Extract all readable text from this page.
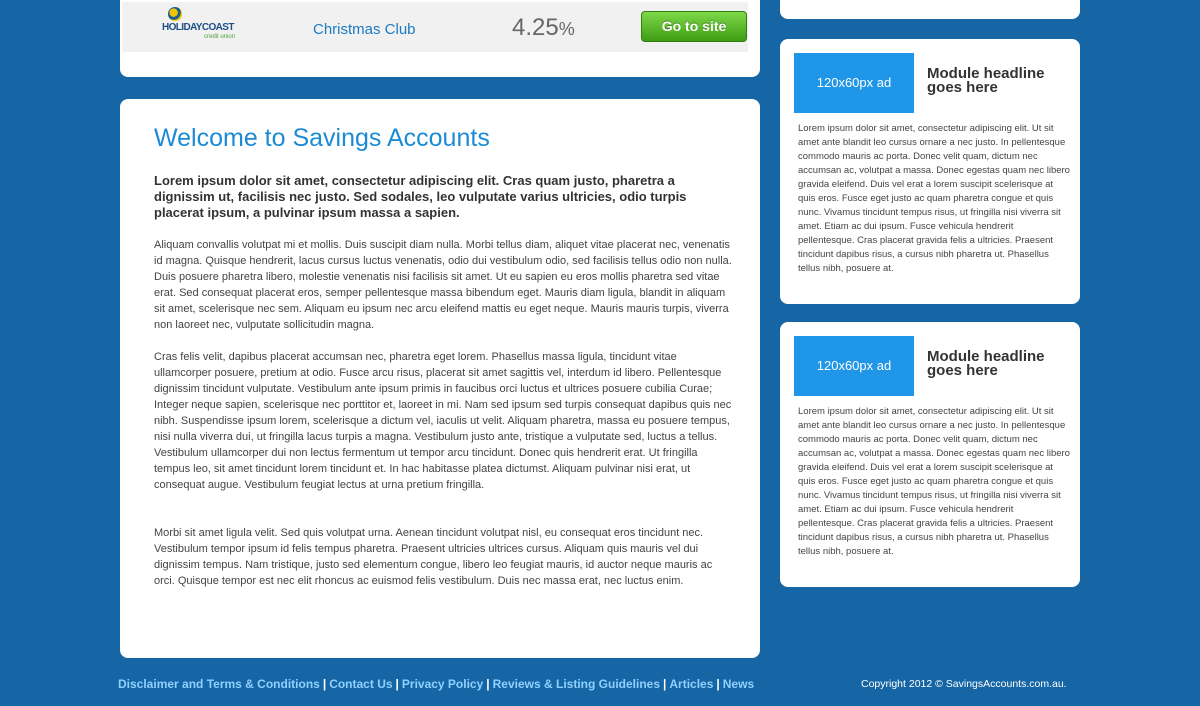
HOLIDAYCOAST
credit union	Christmas Club	4.25%	Go to site
Welcome to Savings Accounts

Lorem ipsum dolor sit amet, consectetur adipiscing elit. Cras quam justo, pharetra a dignissim ut, facilisis nec justo. Sed sodales, leo vulputate varius ultricies, odio turpis placerat ipsum, a pulvinar ipsum massa a sapien.

Aliquam convallis volutpat mi et mollis. Duis suscipit diam nulla. Morbi tellus diam, aliquet vitae placerat nec, venenatis id magna. Quisque hendrerit, lacus cursus luctus venenatis, odio dui vestibulum odio, sed facilisis tellus odio non nulla. Duis posuere pharetra libero, molestie venenatis nisi facilisis sit amet. Ut eu sapien eu eros mollis pharetra sed vitae erat. Sed consequat placerat eros, semper pellentesque massa bibendum eget. Mauris diam ligula, blandit in aliquam sit amet, scelerisque nec sem. Aliquam eu ipsum nec arcu eleifend mattis eu eget neque. Mauris mauris turpis, viverra non laoreet nec, vulputate sollicitudin magna.

Cras felis velit, dapibus placerat accumsan nec, pharetra eget lorem. Phasellus massa ligula, tincidunt vitae ullamcorper posuere, pretium at odio. Fusce arcu risus, placerat sit amet sagittis vel, interdum id libero. Pellentesque dignissim tincidunt vulputate. Vestibulum ante ipsum primis in faucibus orci luctus et ultrices posuere cubilia Curae; Integer neque sapien, scelerisque nec porttitor et, laoreet in mi. Nam sed ipsum sed turpis consequat dapibus quis nec nibh. Suspendisse ipsum lorem, scelerisque a dictum vel, iaculis ut velit. Aliquam pharetra, massa eu posuere tempus, nisi nulla viverra dui, ut fringilla lacus turpis a magna. Vestibulum justo ante, tristique a vulputate sed, luctus a tellus. Vestibulum ullamcorper dui non lectus fermentum ut tempor arcu tincidunt. Donec quis hendrerit erat. Ut fringilla tempus leo, sit amet tincidunt lorem tincidunt et. In hac habitasse platea dictumst. Aliquam pulvinar nisi erat, ut consequat augue. Vestibulum feugiat lectus at urna pretium fringilla.

Morbi sit amet ligula velit. Sed quis volutpat urna. Aenean tincidunt volutpat nisl, eu consequat eros tincidunt nec. Vestibulum tempor ipsum id felis tempus pharetra. Praesent ultricies ultrices cursus. Aliquam quis mauris vel dui dignissim tempus. Nam tristique, justo sed elementum congue, libero leo feugiat mauris, id auctor neque mauris ac orci. Quisque tempor est nec elit rhoncus ac euismod felis vestibulum. Duis nec massa erat, nec luctus enim.

120x60px ad
Module headline goes here

Lorem ipsum dolor sit amet, consectetur adipiscing elit. Ut sit amet ante blandit leo cursus ornare a nec justo. In pellentesque commodo mauris ac porta. Donec velit quam, dictum nec accumsan ac, volutpat a massa. Donec egestas quam nec libero gravida eleifend. Duis vel erat a lorem suscipit scelerisque at quis eros. Fusce eget justo ac quam pharetra congue et quis nunc. Vivamus tincidunt tempus risus, ut fringilla nisi viverra sit amet. Etiam ac dui ipsum. Fusce vehicula hendrerit pellentesque. Cras placerat gravida felis a ultricies. Praesent tincidunt dapibus risus, a cursus nibh pharetra ut. Phasellus tellus nibh, posuere at.

120x60px ad
Module headline goes here

Lorem ipsum dolor sit amet, consectetur adipiscing elit. Ut sit amet ante blandit leo cursus ornare a nec justo. In pellentesque commodo mauris ac porta. Donec velit quam, dictum nec accumsan ac, volutpat a massa. Donec egestas quam nec libero gravida eleifend. Duis vel erat a lorem suscipit scelerisque at quis eros. Fusce eget justo ac quam pharetra congue et quis nunc. Vivamus tincidunt tempus risus, ut fringilla nisi viverra sit amet. Etiam ac dui ipsum. Fusce vehicula hendrerit pellentesque. Cras placerat gravida felis a ultricies. Praesent tincidunt dapibus risus, a cursus nibh pharetra ut. Phasellus tellus nibh, posuere at.

Disclaimer and Terms & Conditions | Contact Us | Privacy Policy | Reviews & Listing Guidelines | Articles | News	Copyright 2012 © SavingsAccounts.com.au.
